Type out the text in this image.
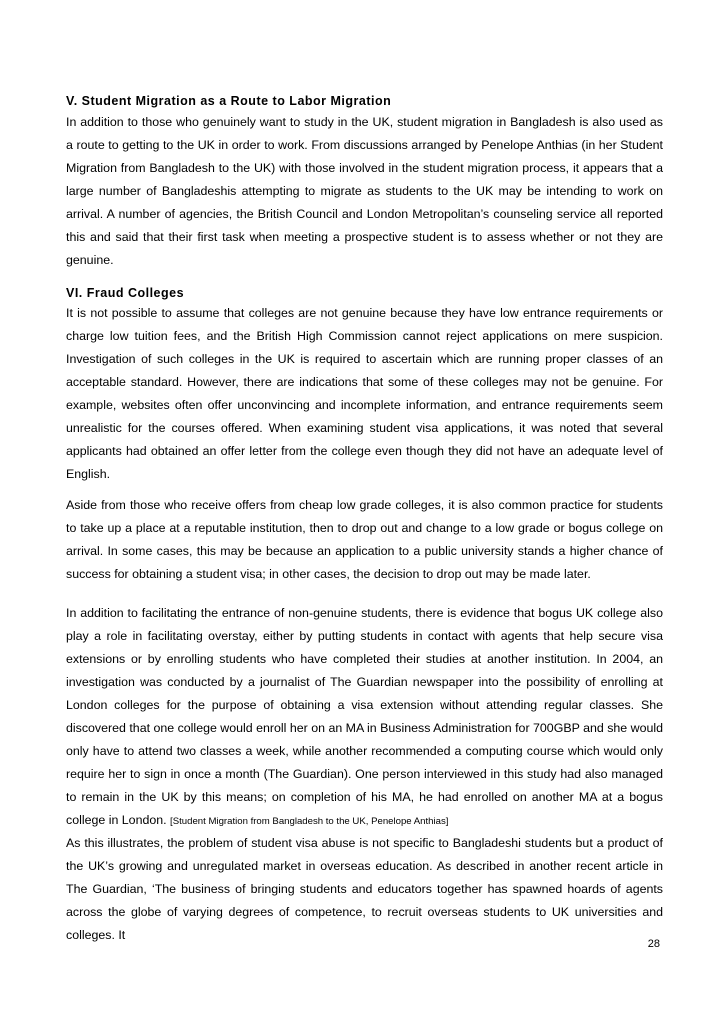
V. Student Migration as a Route to Labor Migration

In addition to those who genuinely want to study in the UK, student migration in Bangladesh is also used as a route to getting to the UK in order to work. From discussions arranged by Penelope Anthias (in her Student Migration from Bangladesh to the UK) with those involved in the student migration process, it appears that a large number of Bangladeshis attempting to migrate as students to the UK may be intending to work on arrival. A number of agencies, the British Council and London Metropolitan’s counseling service all reported this and said that their first task when meeting a prospective student is to assess whether or not they are genuine.

VI. Fraud Colleges

It is not possible to assume that colleges are not genuine because they have low entrance requirements or charge low tuition fees, and the British High Commission cannot reject applications on mere suspicion. Investigation of such colleges in the UK is required to ascertain which are running proper classes of an acceptable standard. However, there are indications that some of these colleges may not be genuine. For example, websites often offer unconvincing and incomplete information, and entrance requirements seem unrealistic for the courses offered. When examining student visa applications, it was noted that several applicants had obtained an offer letter from the college even though they did not have an adequate level of English.

Aside from those who receive offers from cheap low grade colleges, it is also common practice for students to take up a place at a reputable institution, then to drop out and change to a low grade or bogus college on arrival. In some cases, this may be because an application to a public university stands a higher chance of success for obtaining a student visa; in other cases, the decision to drop out may be made later.

In addition to facilitating the entrance of non-genuine students, there is evidence that bogus UK college also play a role in facilitating overstay, either by putting students in contact with agents that help secure visa extensions or by enrolling students who have completed their studies at another institution. In 2004, an investigation was conducted by a journalist of The Guardian newspaper into the possibility of enrolling at London colleges for the purpose of obtaining a visa extension without attending regular classes. She discovered that one college would enroll her on an MA in Business Administration for 700GBP and she would only have to attend two classes a week, while another recommended a computing course which would only require her to sign in once a month (The Guardian). One person interviewed in this study had also managed to remain in the UK by this means; on completion of his MA, he had enrolled on another MA at a bogus college in London. [Student Migration from Bangladesh to the UK, Penelope Anthias]

As this illustrates, the problem of student visa abuse is not specific to Bangladeshi students but a product of the UK’s growing and unregulated market in overseas education. As described in another recent article in The Guardian, ‘The business of bringing students and educators together has spawned hoards of agents across the globe of varying degrees of competence, to recruit overseas students to UK universities and colleges. It

28
